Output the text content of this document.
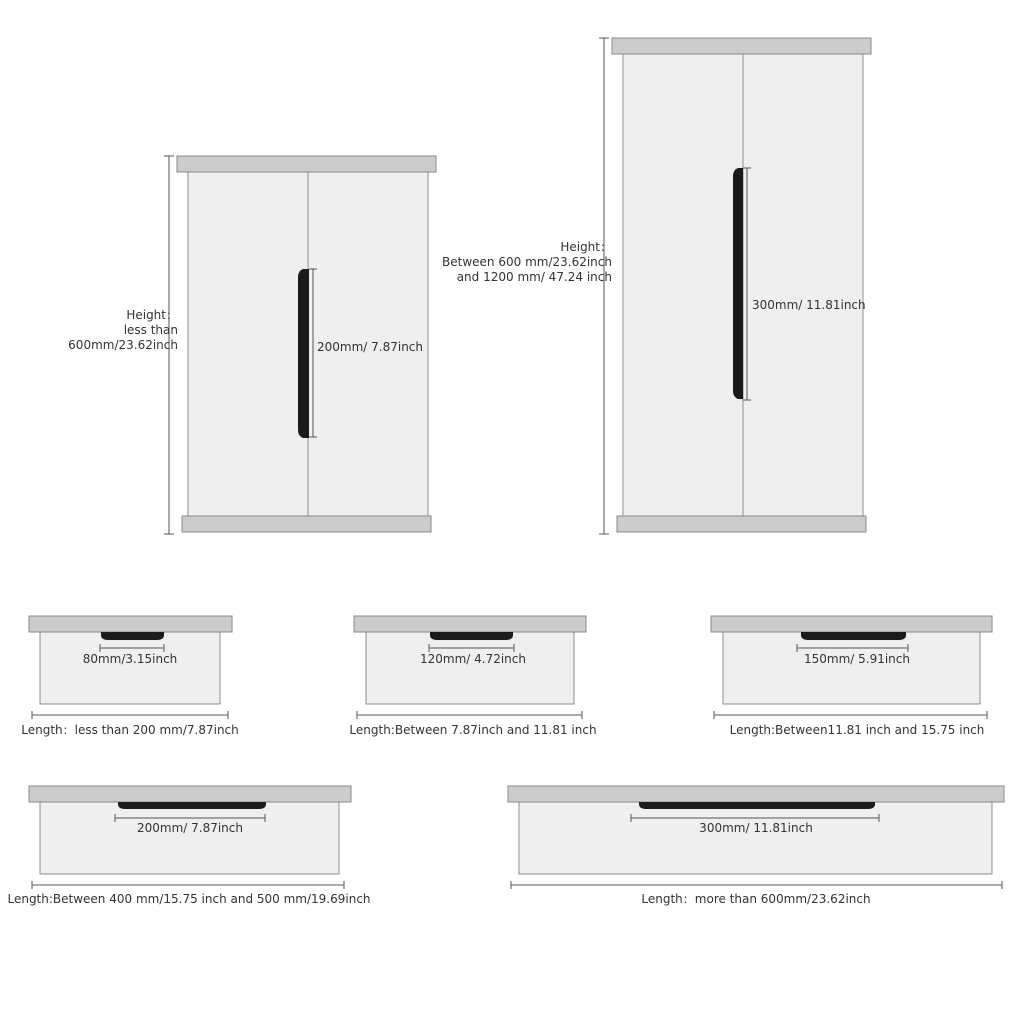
Height：
less than
600mm/23.62inch	200mm/ 7.87inch
Height：
Between 600 mm/23.62inch
and 1200 mm/ 47.24 inch
300mm/ 11.81inch
80mm/3.15inch
Length：less than 200 mm/7.87inch
120mm/ 4.72inch
Length:Between 7.87inch and 11.81 inch
150mm/ 5.91inch
Length:Between11.81 inch and 15.75 inch
200mm/ 7.87inch
Length:Between 400 mm/15.75 inch and 500 mm/19.69inch
300mm/ 11.81inch
Length：more than 600mm/23.62inch
